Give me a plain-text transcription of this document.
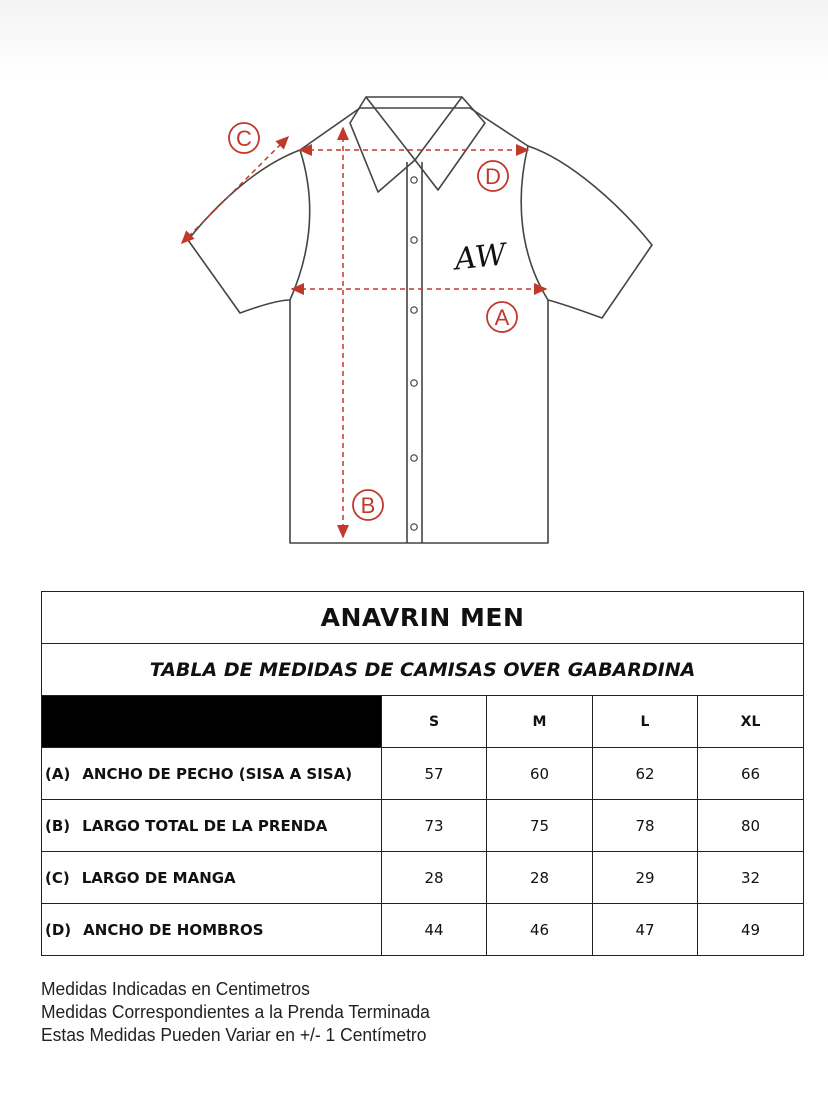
AW
C
D
A
B
ANAVRIN MEN				
TABLA DE MEDIDAS DE CAMISAS OVER GABARDINA				
	S	M	L	XL
(A) ANCHO DE PECHO (SISA A SISA)	57	60	62	66
(B) LARGO TOTAL DE LA PRENDA	73	75	78	80
(C) LARGO DE MANGA	28	28	29	32
(D) ANCHO DE HOMBROS	44	46	47	49
Medidas Indicadas en Centimetros
Medidas Correspondientes a la Prenda Terminada
Estas Medidas Pueden Variar en +/- 1 Centímetro
